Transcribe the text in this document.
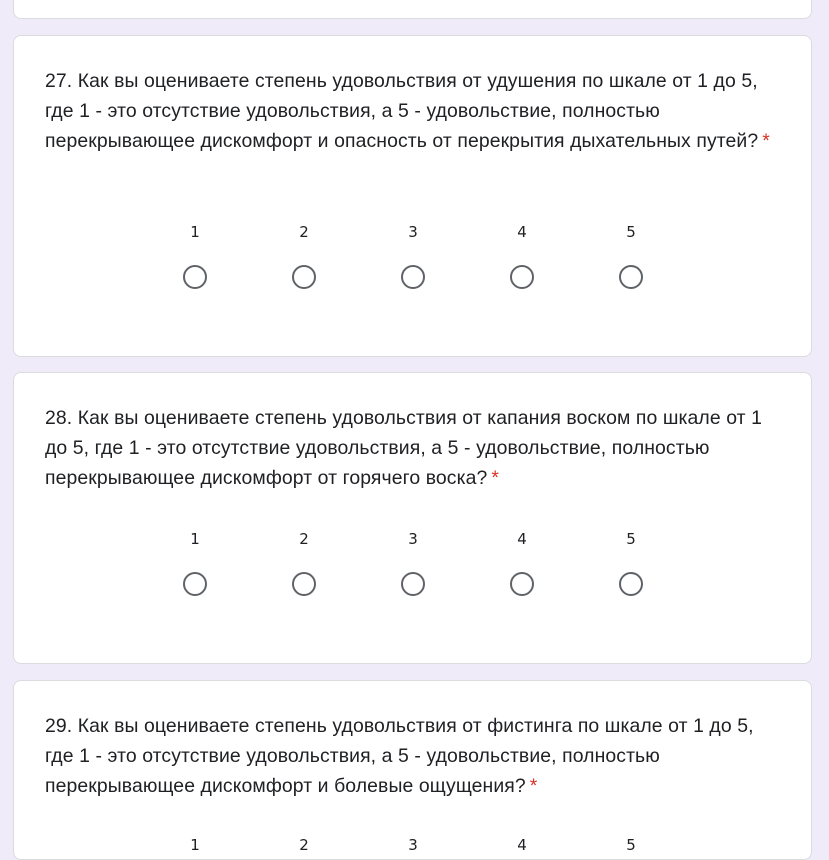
27. Как вы оцениваете степень удовольствия от удушения по шкале от 1 до 5, где 1 - это отсутствие удовольствия, а 5 - удовольствие, полностью перекрывающее дискомфорт и опасность от перекрытия дыхательных путей? *
1	2	3	4	5
28. Как вы оцениваете степень удовольствия от капания воском по шкале от 1 до 5, где 1 - это отсутствие удовольствия, а 5 - удовольствие, полностью перекрывающее дискомфорт от горячего воска? *
1	2	3	4	5
29. Как вы оцениваете степень удовольствия от фистинга по шкале от 1 до 5, где 1 - это отсутствие удовольствия, а 5 - удовольствие, полностью перекрывающее дискомфорт и болевые ощущения? *
1	2	3	4	5
